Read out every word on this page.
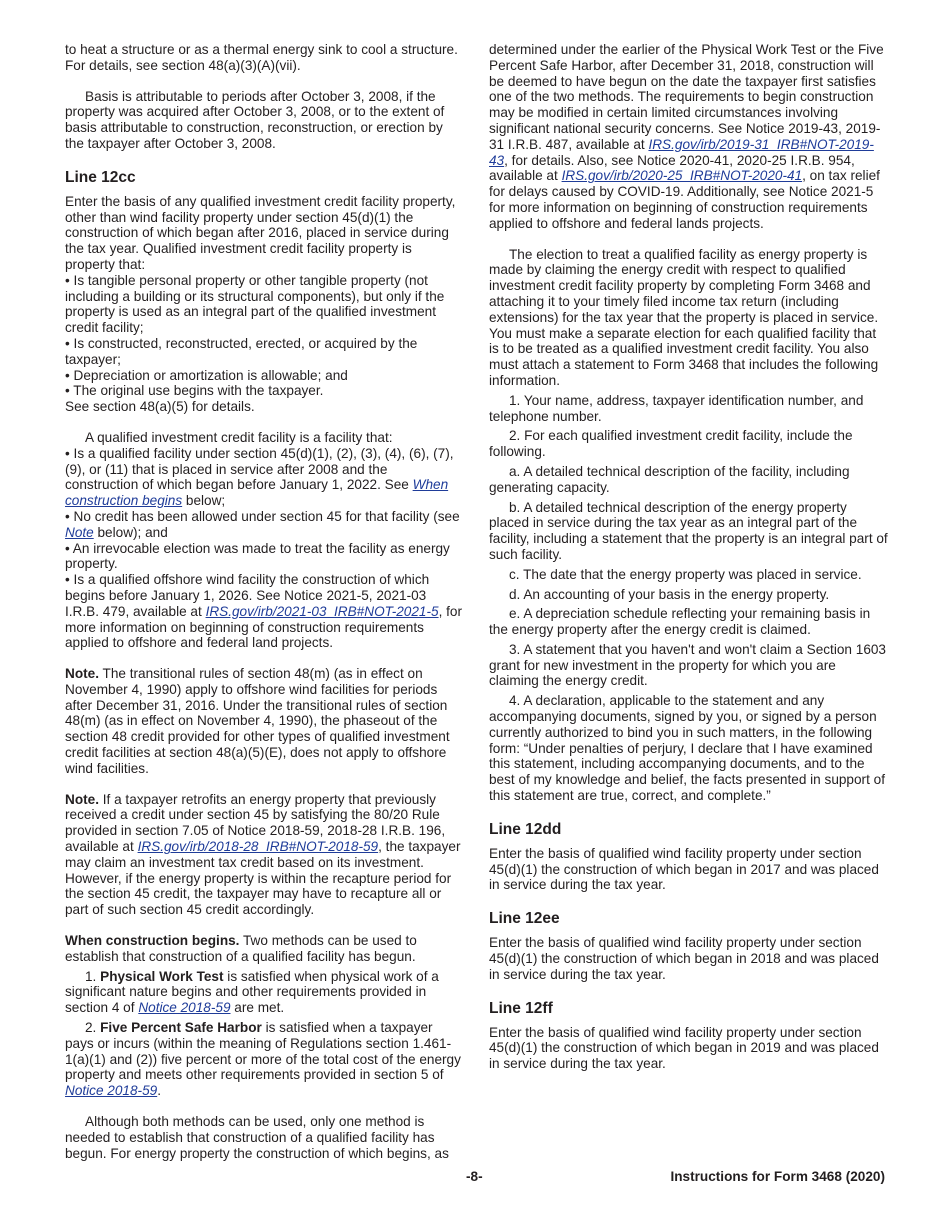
to heat a structure or as a thermal energy sink to cool a structure. For details, see section 48(a)(3)(A)(vii).

Basis is attributable to periods after October 3, 2008, if the property was acquired after October 3, 2008, or to the extent of basis attributable to construction, reconstruction, or erection by the taxpayer after October 3, 2008.

Line 12cc

Enter the basis of any qualified investment credit facility property, other than wind facility property under section 45(d)(1) the construction of which began after 2016, placed in service during the tax year. Qualified investment credit facility property is property that:

• Is tangible personal property or other tangible property (not including a building or its structural components), but only if the property is used as an integral part of the qualified investment credit facility;

• Is constructed, reconstructed, erected, or acquired by the taxpayer;

• Depreciation or amortization is allowable; and

• The original use begins with the taxpayer.

See section 48(a)(5) for details.

A qualified investment credit facility is a facility that:

• Is a qualified facility under section 45(d)(1), (2), (3), (4), (6), (7), (9), or (11) that is placed in service after 2008 and the construction of which began before January 1, 2022. See When construction begins below;

• No credit has been allowed under section 45 for that facility (see Note below); and

• An irrevocable election was made to treat the facility as energy property.

• Is a qualified offshore wind facility the construction of which begins before January 1, 2026. See Notice 2021-5, 2021-03 I.R.B. 479, available at IRS.gov/irb/2021-03_IRB#NOT-2021-5, for more information on beginning of construction requirements applied to offshore and federal land projects.

Note. The transitional rules of section 48(m) (as in effect on November 4, 1990) apply to offshore wind facilities for periods after December 31, 2016. Under the transitional rules of section 48(m) (as in effect on November 4, 1990), the phaseout of the section 48 credit provided for other types of qualified investment credit facilities at section 48(a)(5)(E), does not apply to offshore wind facilities.

Note. If a taxpayer retrofits an energy property that previously received a credit under section 45 by satisfying the 80/20 Rule provided in section 7.05 of Notice 2018-59, 2018-28 I.R.B. 196, available at IRS.gov/irb/2018-28_IRB#NOT-2018-59, the taxpayer may claim an investment tax credit based on its investment. However, if the energy property is within the recapture period for the section 45 credit, the taxpayer may have to recapture all or part of such section 45 credit accordingly.

When construction begins. Two methods can be used to establish that construction of a qualified facility has begun.

1. Physical Work Test is satisfied when physical work of a significant nature begins and other requirements provided in section 4 of Notice 2018-59 are met.

2. Five Percent Safe Harbor is satisfied when a taxpayer pays or incurs (within the meaning of Regulations section 1.461-1(a)(1) and (2)) five percent or more of the total cost of the energy property and meets other requirements provided in section 5 of Notice 2018-59.

Although both methods can be used, only one method is needed to establish that construction of a qualified facility has begun. For energy property the construction of which begins, as

determined under the earlier of the Physical Work Test or the Five Percent Safe Harbor, after December 31, 2018, construction will be deemed to have begun on the date the taxpayer first satisfies one of the two methods. The requirements to begin construction may be modified in certain limited circumstances involving significant national security concerns. See Notice 2019-43, 2019-31 I.R.B. 487, available at IRS.gov/irb/2019-31_IRB#NOT-2019-43, for details. Also, see Notice 2020-41, 2020-25 I.R.B. 954, available at IRS.gov/irb/2020-25_IRB#NOT-2020-41, on tax relief for delays caused by COVID-19. Additionally, see Notice 2021-5 for more information on beginning of construction requirements applied to offshore and federal lands projects.

The election to treat a qualified facility as energy property is made by claiming the energy credit with respect to qualified investment credit facility property by completing Form 3468 and attaching it to your timely filed income tax return (including extensions) for the tax year that the property is placed in service. You must make a separate election for each qualified facility that is to be treated as a qualified investment credit facility. You also must attach a statement to Form 3468 that includes the following information.

1. Your name, address, taxpayer identification number, and telephone number.

2. For each qualified investment credit facility, include the following.

a. A detailed technical description of the facility, including generating capacity.

b. A detailed technical description of the energy property placed in service during the tax year as an integral part of the facility, including a statement that the property is an integral part of such facility.

c. The date that the energy property was placed in service.

d. An accounting of your basis in the energy property.

e. A depreciation schedule reflecting your remaining basis in the energy property after the energy credit is claimed.

3. A statement that you haven't and won't claim a Section 1603 grant for new investment in the property for which you are claiming the energy credit.

4. A declaration, applicable to the statement and any accompanying documents, signed by you, or signed by a person currently authorized to bind you in such matters, in the following form: “Under penalties of perjury, I declare that I have examined this statement, including accompanying documents, and to the best of my knowledge and belief, the facts presented in support of this statement are true, correct, and complete.”

Line 12dd

Enter the basis of qualified wind facility property under section 45(d)(1) the construction of which began in 2017 and was placed in service during the tax year.

Line 12ee

Enter the basis of qualified wind facility property under section 45(d)(1) the construction of which began in 2018 and was placed in service during the tax year.

Line 12ff

Enter the basis of qualified wind facility property under section 45(d)(1) the construction of which began in 2019 and was placed in service during the tax year.

-8-	Instructions for Form 3468 (2020)
